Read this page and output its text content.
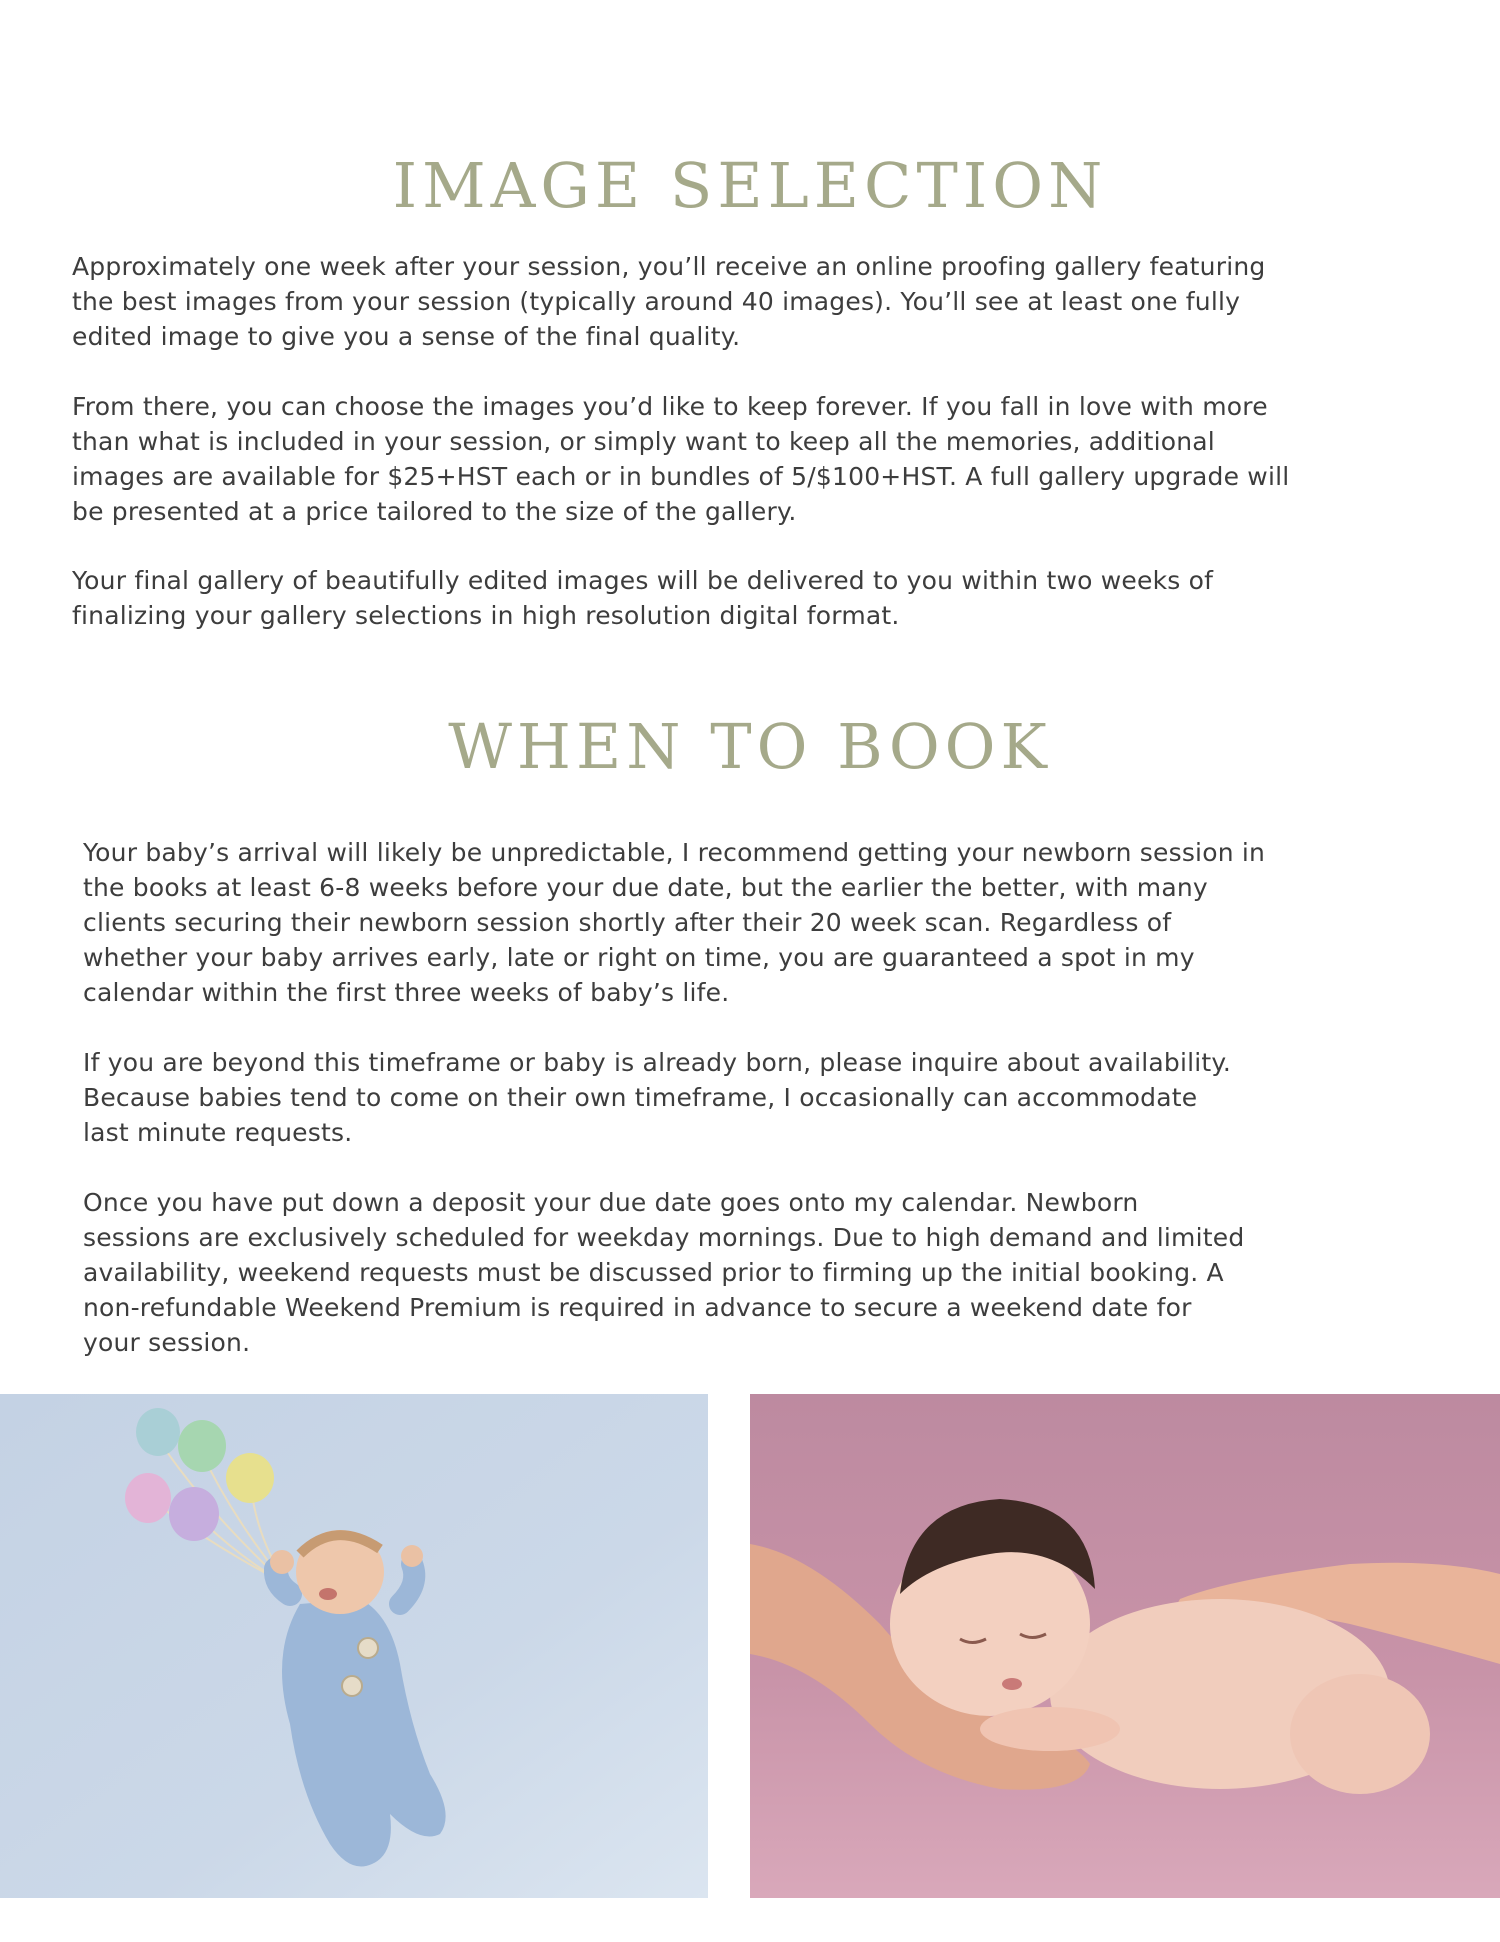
IMAGE SELECTION

Approximately one week after your session, you’ll receive an online proofing gallery featuring
the best images from your session (typically around 40 images). You’ll see at least one fully
edited image to give you a sense of the final quality.

From there, you can choose the images you’d like to keep forever. If you fall in love with more
than what is included in your session, or simply want to keep all the memories, additional
images are available for $25+HST each or in bundles of 5/$100+HST. A full gallery upgrade will
be presented at a price tailored to the size of the gallery.

Your final gallery of beautifully edited images will be delivered to you within two weeks of
finalizing your gallery selections in high resolution digital format.

WHEN TO BOOK

Your baby’s arrival will likely be unpredictable, I recommend getting your newborn session in
the books at least 6-8 weeks before your due date, but the earlier the better, with many
clients securing their newborn session shortly after their 20 week scan. Regardless of
whether your baby arrives early, late or right on time, you are guaranteed a spot in my
calendar within the first three weeks of baby’s life.

If you are beyond this timeframe or baby is already born, please inquire about availability.
Because babies tend to come on their own timeframe, I occasionally can accommodate
last minute requests.

Once you have put down a deposit your due date goes onto my calendar. Newborn
sessions are exclusively scheduled for weekday mornings. Due to high demand and limited
availability, weekend requests must be discussed prior to firming up the initial booking. A
non-refundable Weekend Premium is required in advance to secure a weekend date for
your session.
